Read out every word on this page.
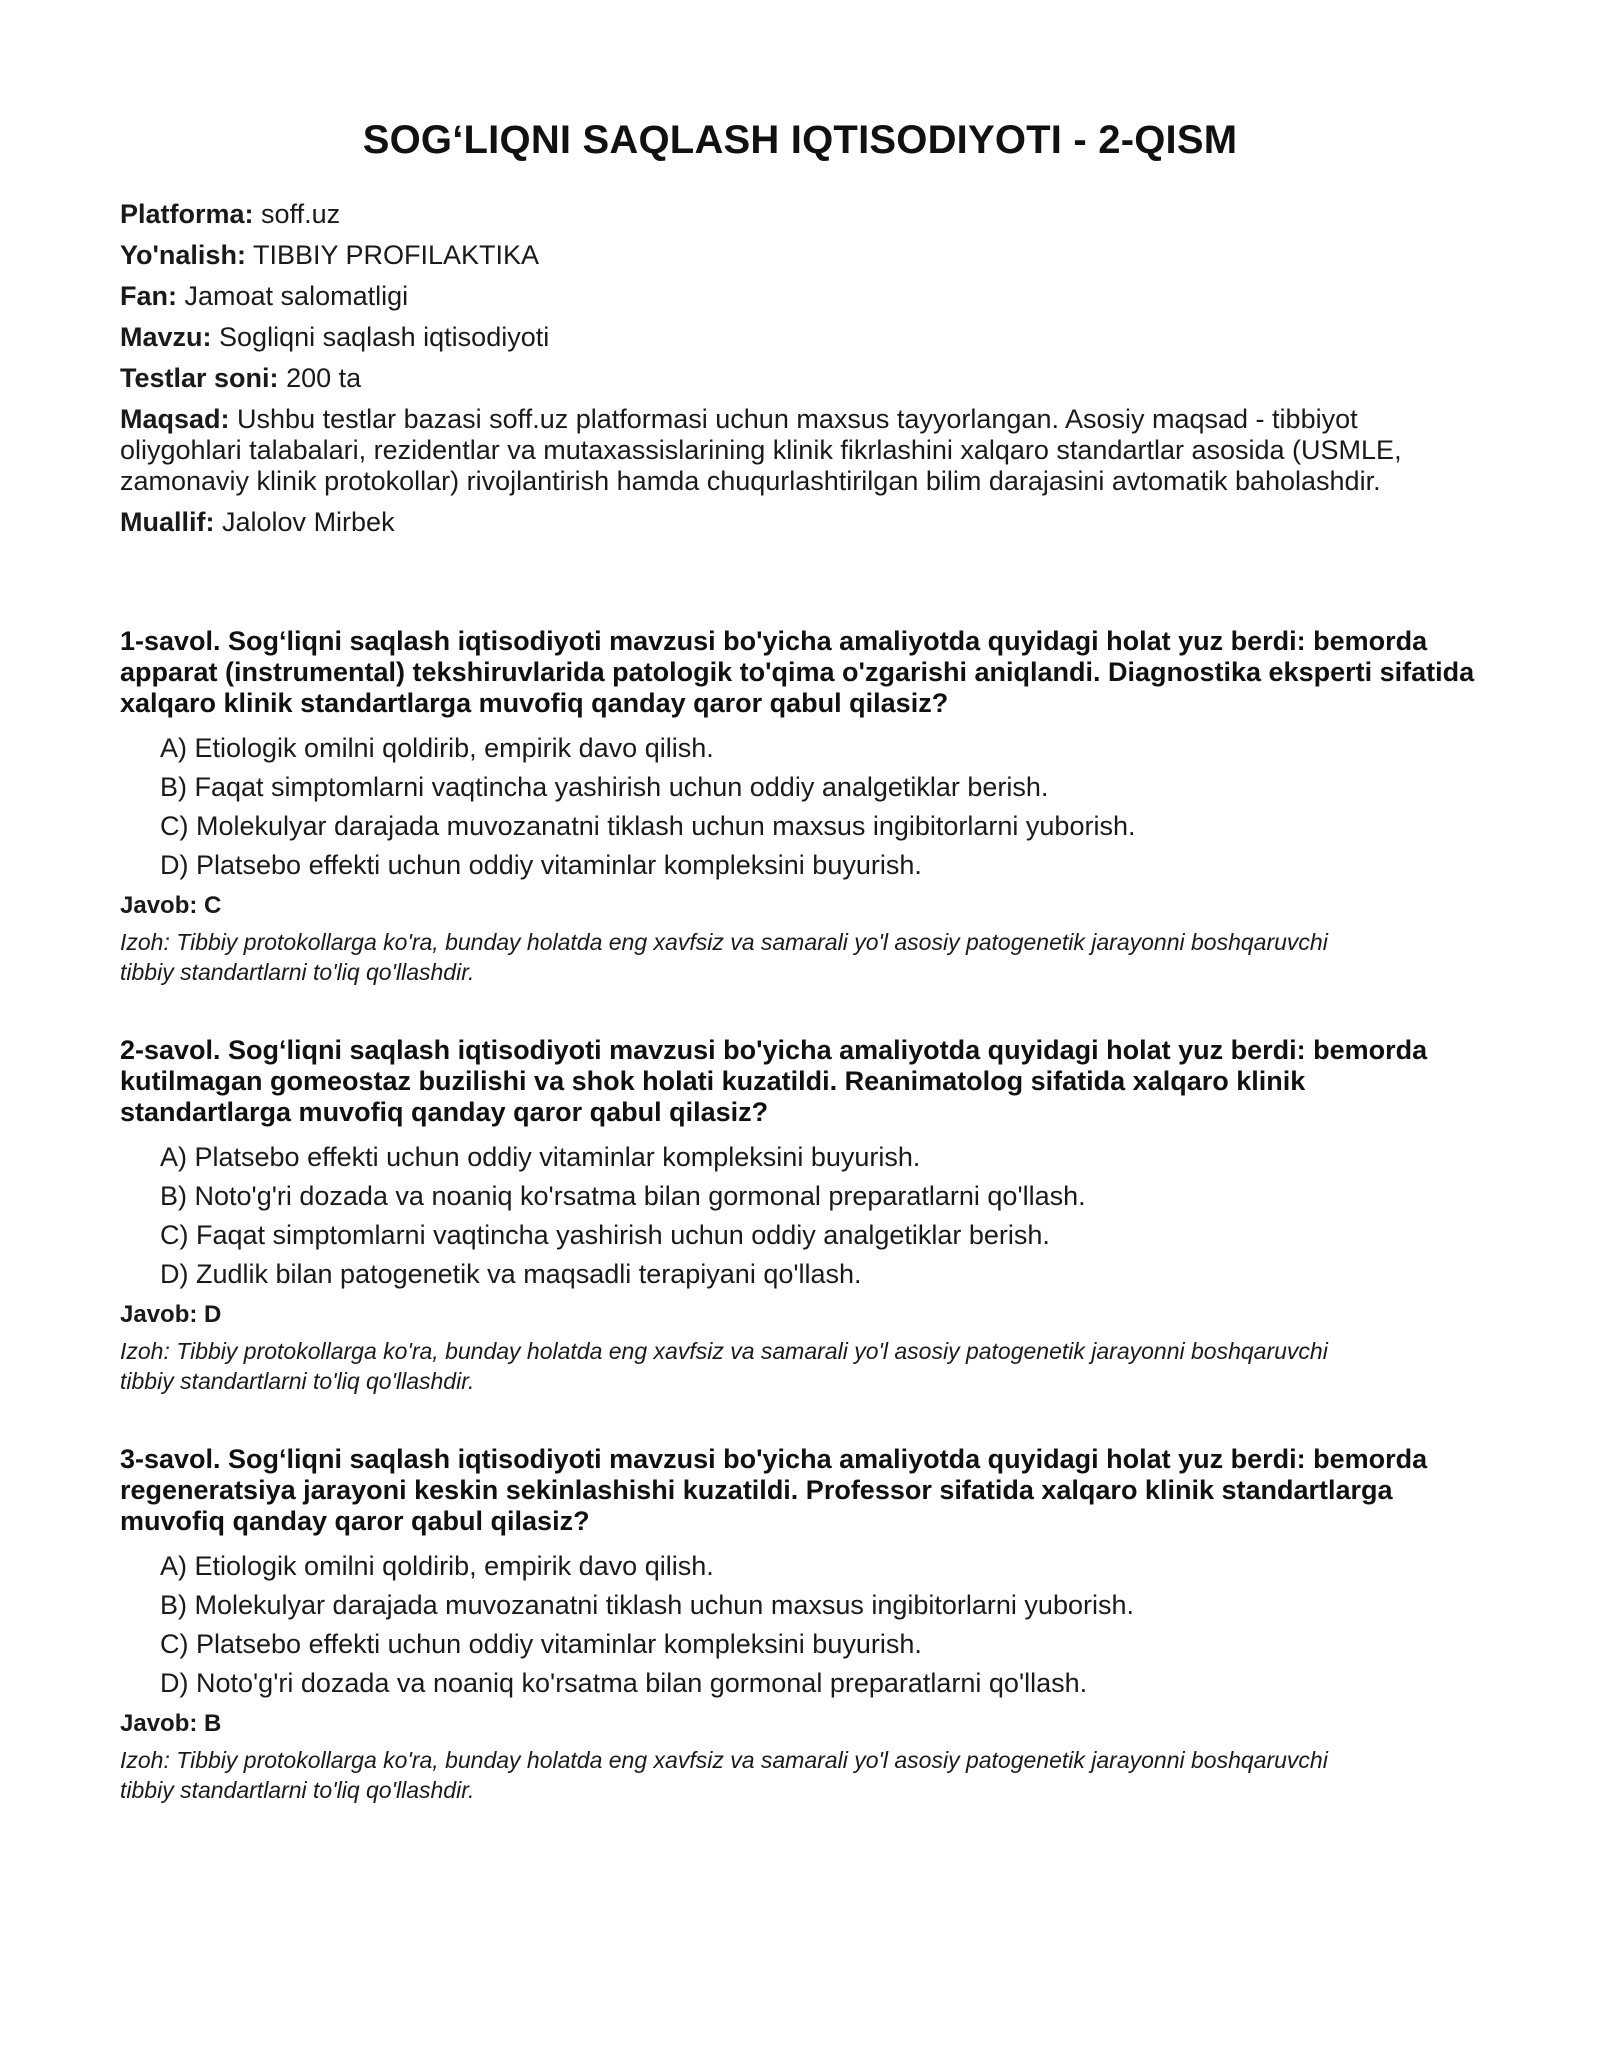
SOG‘LIQNI SAQLASH IQTISODIYOTI - 2-QISM

Platforma: soff.uz

Yo'nalish: TIBBIY PROFILAKTIKA

Fan: Jamoat salomatligi

Mavzu: Sogliqni saqlash iqtisodiyoti

Testlar soni: 200 ta

Maqsad: Ushbu testlar bazasi soff.uz platformasi uchun maxsus tayyorlangan. Asosiy maqsad - tibbiyot oliygohlari talabalari, rezidentlar va mutaxassislarining klinik fikrlashini xalqaro standartlar asosida (USMLE, zamonaviy klinik protokollar) rivojlantirish hamda chuqurlashtirilgan bilim darajasini avtomatik baholashdir.

Muallif: Jalolov Mirbek

1-savol. Sog‘liqni saqlash iqtisodiyoti mavzusi bo'yicha amaliyotda quyidagi holat yuz berdi: bemorda apparat (instrumental) tekshiruvlarida patologik to'qima o'zgarishi aniqlandi. Diagnostika eksperti sifatida xalqaro klinik standartlarga muvofiq qanday qaror qabul qilasiz?

A) Etiologik omilni qoldirib, empirik davo qilish.
B) Faqat simptomlarni vaqtincha yashirish uchun oddiy analgetiklar berish.
C) Molekulyar darajada muvozanatni tiklash uchun maxsus ingibitorlarni yuborish.
D) Platsebo effekti uchun oddiy vitaminlar kompleksini buyurish.

Javob: C

Izoh: Tibbiy protokollarga ko'ra, bunday holatda eng xavfsiz va samarali yo'l asosiy patogenetik jarayonni boshqaruvchi tibbiy standartlarni to'liq qo'llashdir.

2-savol. Sog‘liqni saqlash iqtisodiyoti mavzusi bo'yicha amaliyotda quyidagi holat yuz berdi: bemorda kutilmagan gomeostaz buzilishi va shok holati kuzatildi. Reanimatolog sifatida xalqaro klinik standartlarga muvofiq qanday qaror qabul qilasiz?

A) Platsebo effekti uchun oddiy vitaminlar kompleksini buyurish.
B) Noto'g'ri dozada va noaniq ko'rsatma bilan gormonal preparatlarni qo'llash.
C) Faqat simptomlarni vaqtincha yashirish uchun oddiy analgetiklar berish.
D) Zudlik bilan patogenetik va maqsadli terapiyani qo'llash.

Javob: D

Izoh: Tibbiy protokollarga ko'ra, bunday holatda eng xavfsiz va samarali yo'l asosiy patogenetik jarayonni boshqaruvchi tibbiy standartlarni to'liq qo'llashdir.

3-savol. Sog‘liqni saqlash iqtisodiyoti mavzusi bo'yicha amaliyotda quyidagi holat yuz berdi: bemorda regeneratsiya jarayoni keskin sekinlashishi kuzatildi. Professor sifatida xalqaro klinik standartlarga muvofiq qanday qaror qabul qilasiz?

A) Etiologik omilni qoldirib, empirik davo qilish.
B) Molekulyar darajada muvozanatni tiklash uchun maxsus ingibitorlarni yuborish.
C) Platsebo effekti uchun oddiy vitaminlar kompleksini buyurish.
D) Noto'g'ri dozada va noaniq ko'rsatma bilan gormonal preparatlarni qo'llash.

Javob: B

Izoh: Tibbiy protokollarga ko'ra, bunday holatda eng xavfsiz va samarali yo'l asosiy patogenetik jarayonni boshqaruvchi tibbiy standartlarni to'liq qo'llashdir.
